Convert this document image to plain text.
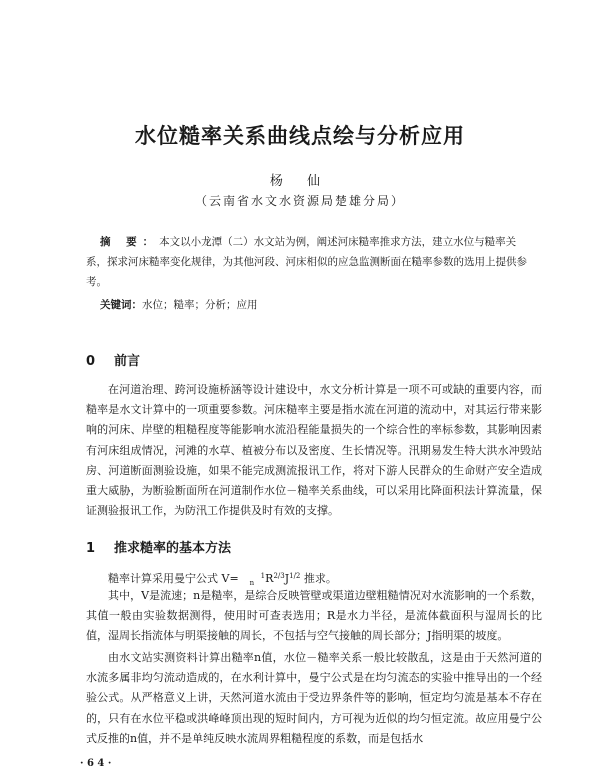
水位糙率关系曲线点绘与分析应用
杨 仙
（云南省水文水资源局楚雄分局）
摘 要：本文以小龙潭（二）水文站为例，阐述河床糙率推求方法，建立水位与糙率关系，探求河床糙率变化规律，为其他河段、河床相似的应急监测断面在糙率参数的选用上提供参考。
关键词：水位；糙率；分析；应用
0 前言
在河道治理、跨河设施桥涵等设计建设中，水文分析计算是一项不可或缺的重要内容，而糙率是水文计算中的一项重要参数。河床糙率主要是指水流在河道的流动中，对其运行带来影响的河床、岸壁的粗糙程度等能影响水流沿程能量损失的一个综合性的率标参数，其影响因素有河床组成情况，河滩的水草、植被分布以及密度、生长情况等。汛期易发生特大洪水冲毁站房、河道断面测验设施，如果不能完成测流报讯工作，将对下游人民群众的生命财产安全造成重大威胁，为断验断面所在河道制作水位－糙率关系曲线，可以采用比降面积法计算流量，保证测验报讯工作，为防汛工作提供及时有效的支撑。
1 推求糙率的基本方法
糙率计算采用曼宁公式 V=	1
n $R^{2/3}J^{1/2}$ 推求。
其中，V是流速；n是糙率，是综合反映管壁或渠道边壁粗糙情况对水流影响的一个系数，其值一般由实验数据测得，使用时可查表选用；R是水力半径，是流体截面积与湿周长的比值，湿周长指流体与明渠接触的周长，不包括与空气接触的周长部分；J指明渠的坡度。
由水文站实测资料计算出糙率n值，水位－糙率关系一般比较散乱，这是由于天然河道的水流多属非均匀流动造成的，在水利计算中，曼宁公式是在均匀流态的实验中推导出的一个经验公式。从严格意义上讲，天然河道水流由于受边界条件等的影响，恒定均匀流是基本不存在的，只有在水位平稳或洪峰峰顶出现的短时间内，方可视为近似的均匀恒定流。故应用曼宁公式反推的n值，并不是单纯反映水流周界粗糙程度的系数，而是包括水
· 6 4 ·
